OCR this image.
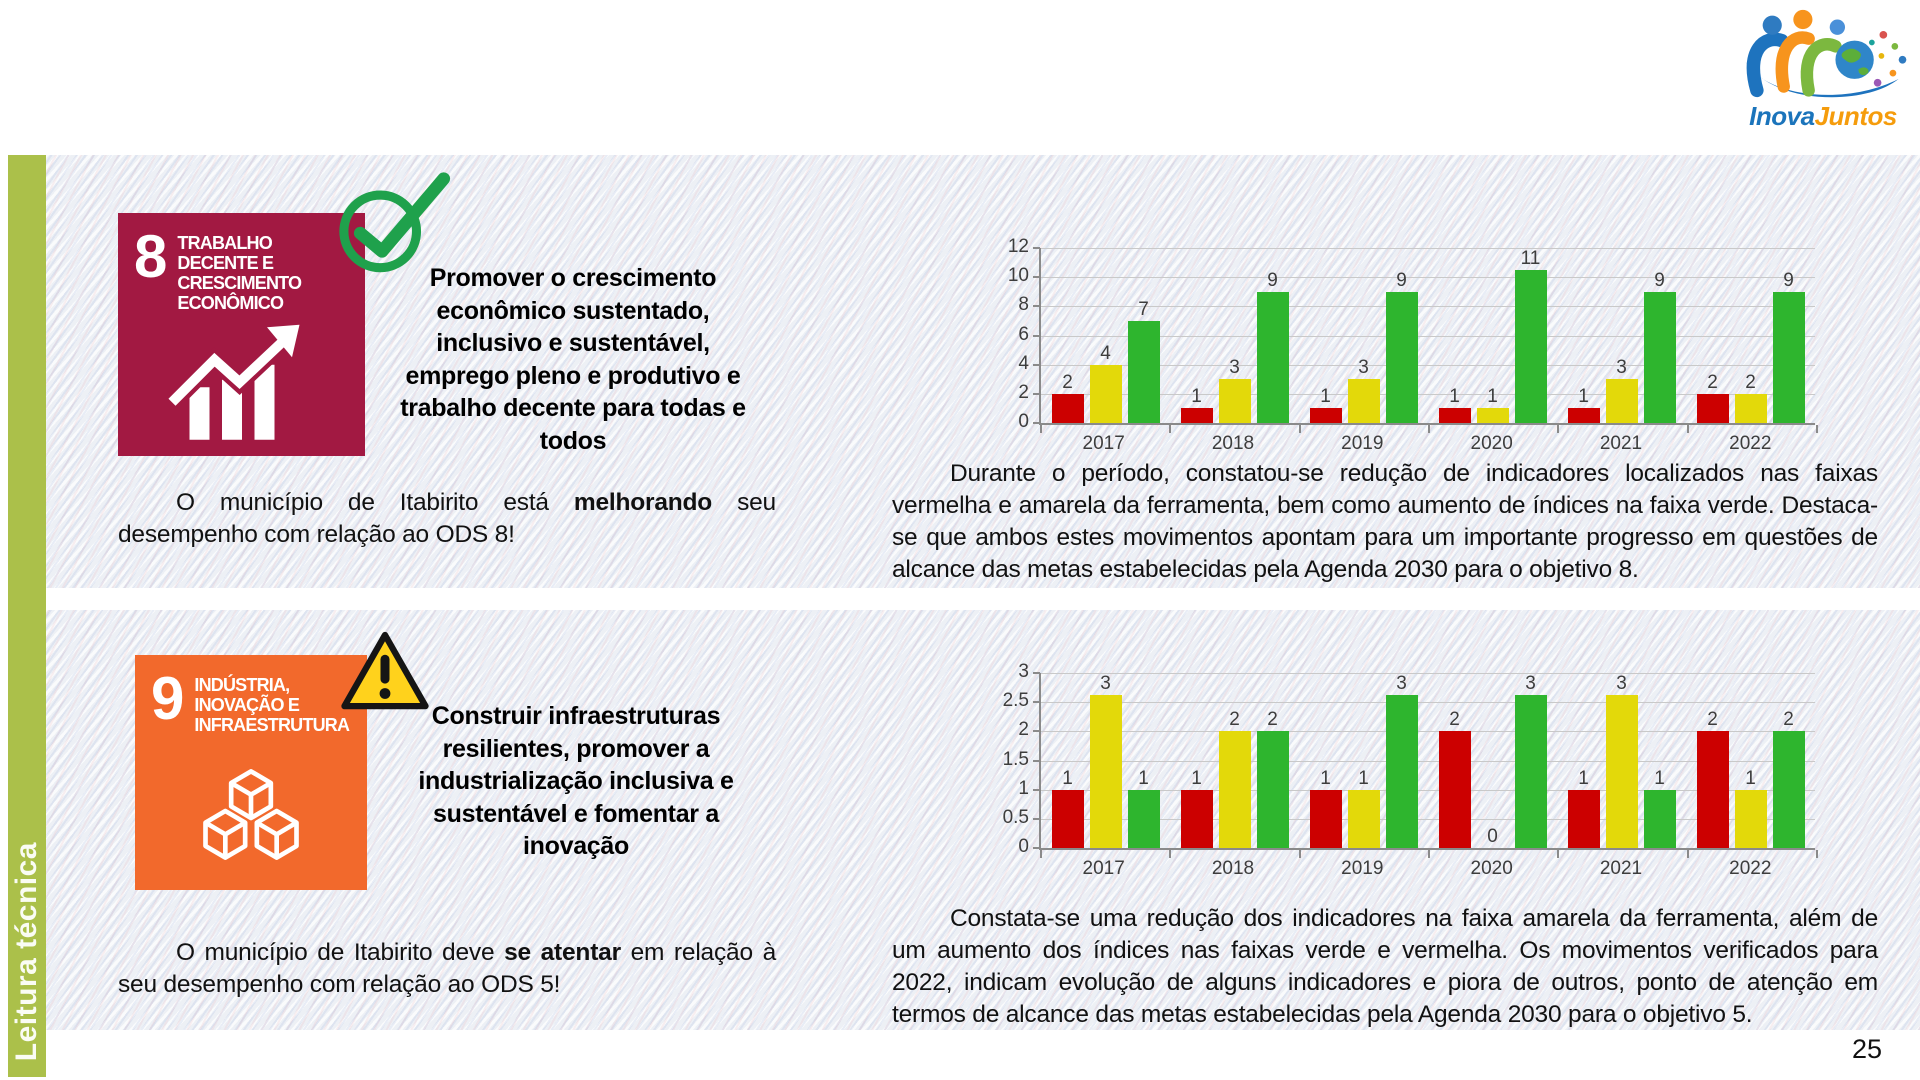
Leitura técnica
InovaJuntos
8 TRABALHO DECENTE E CRESCIMENTO ECONÔMICO
Promover o crescimento econômico sustentado, inclusivo e sustentável, emprego pleno e produtivo e trabalho decente para todas e todos

O município de Itabirito está melhorando seu desempenho com relação ao ODS 8!

0
2
4
6
8
10
12
2
4
7
1
3
9
1
3
9
1 1
11
1
3
9
2 2
9
2017	2018	2019	2020	2021	2022

Durante o período, constatou-se redução de indicadores localizados nas faixas vermelha e amarela da ferramenta, bem como aumento de índices na faixa verde. Destaca-se que ambos estes movimentos apontam para um importante progresso em questões de alcance das metas estabelecidas pela Agenda 2030 para o objetivo 8.

9 INDÚSTRIA, INOVAÇÃO E INFRAESTRUTURA	Construir infraestruturas resilientes, promover a industrialização inclusiva e sustentável e fomentar a inovação

O município de Itabirito deve se atentar em relação à seu desempenho com relação ao ODS 5!

0
0.5
1
1.5
2
2.5
3
1
3
1 1
2 2
1 1
3
2
0
3
1
3
1
2
1
2
2017	2018	2019	2020	2021	2022

Constata-se uma redução dos indicadores na faixa amarela da ferramenta, além de um aumento dos índices nas faixas verde e vermelha. Os movimentos verificados para 2022, indicam evolução de alguns indicadores e piora de outros, ponto de atenção em termos de alcance das metas estabelecidas pela Agenda 2030 para o objetivo 5.

25
